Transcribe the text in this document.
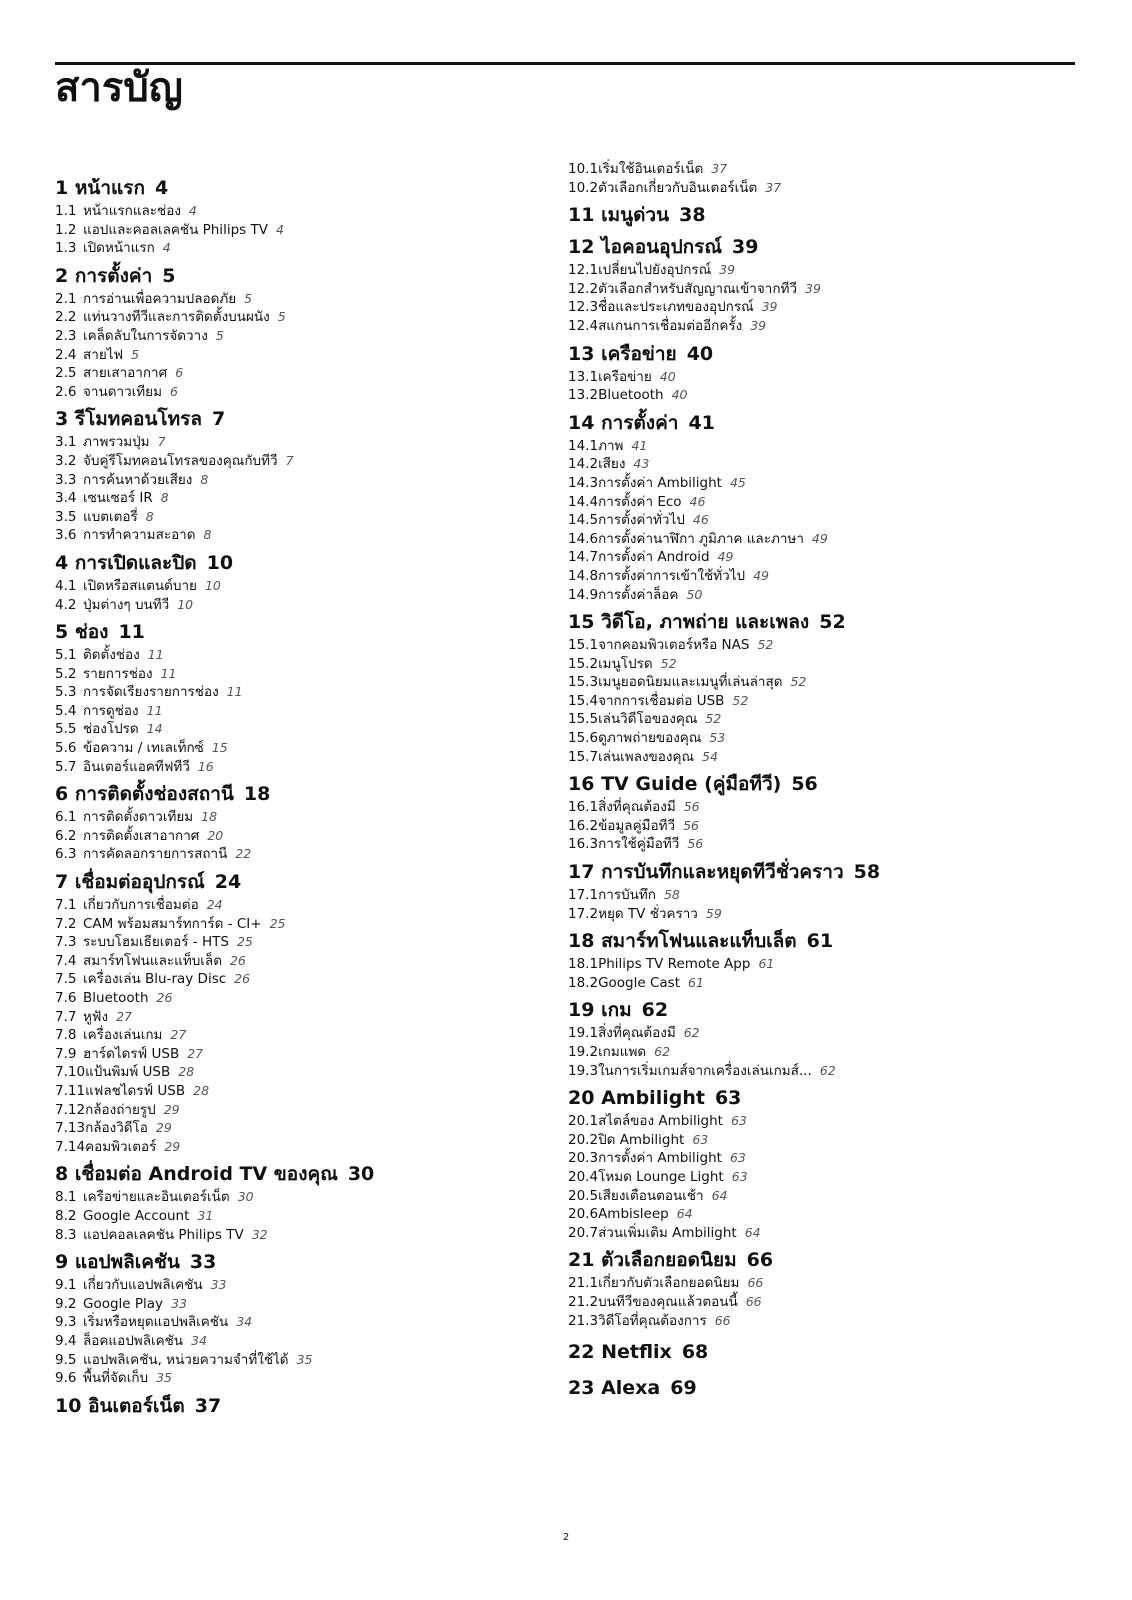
สารบัญ
1 หน้าแรก 4
1.1 หน้าแรกและช่อง 4
1.2 แอปและคอลเลคชัน Philips TV 4
1.3 เปิดหน้าแรก 4
2 การตั้งค่า 5
2.1 การอ่านเพื่อความปลอดภัย 5
2.2 แท่นวางทีวีและการติดตั้งบนผนัง 5
2.3 เคล็ดลับในการจัดวาง 5
2.4 สายไฟ 5
2.5 สายเสาอากาศ 6
2.6 จานดาวเทียม 6
3 รีโมทคอนโทรล 7
3.1 ภาพรวมปุ่ม 7
3.2 จับคู่รีโมทคอนโทรลของคุณกับทีวี 7
3.3 การค้นหาด้วยเสียง 8
3.4 เซนเซอร์ IR 8
3.5 แบตเตอรี่ 8
3.6 การทำความสะอาด 8
4 การเปิดและปิด 10
4.1 เปิดหรือสแตนด์บาย 10
4.2 ปุ่มต่างๆ บนทีวี 10
5 ช่อง 11
5.1 ติดตั้งช่อง 11
5.2 รายการช่อง 11
5.3 การจัดเรียงรายการช่อง 11
5.4 การดูช่อง 11
5.5 ช่องโปรด 14
5.6 ข้อความ / เทเลเท็กซ์ 15
5.7 อินเตอร์แอคทีฟทีวี 16
6 การติดตั้งช่องสถานี 18
6.1 การติดตั้งดาวเทียม 18
6.2 การติดตั้งเสาอากาศ 20
6.3 การคัดลอกรายการสถานี 22
7 เชื่อมต่ออุปกรณ์ 24
7.1 เกี่ยวกับการเชื่อมต่อ 24
7.2 CAM พร้อมสมาร์ทการ์ด - CI+ 25
7.3 ระบบโฮมเธียเตอร์ - HTS 25
7.4 สมาร์ทโฟนและแท็บเล็ต 26
7.5 เครื่องเล่น Blu-ray Disc 26
7.6 Bluetooth 26
7.7 หูฟัง 27
7.8 เครื่องเล่นเกม 27
7.9 ฮาร์ดไดรฟ์ USB 27
7.10แป้นพิมพ์ USB 28
7.11แฟลชไดรฟ์ USB 28
7.12กล้องถ่ายรูป 29
7.13กล้องวิดีโอ 29
7.14คอมพิวเตอร์ 29
8 เชื่อมต่อ Android TV ของคุณ 30
8.1 เครือข่ายและอินเตอร์เน็ต 30
8.2 Google Account 31
8.3 แอปคอลเลคชัน Philips TV 32
9 แอปพลิเคชัน 33
9.1 เกี่ยวกับแอปพลิเคชัน 33
9.2 Google Play 33
9.3 เริ่มหรือหยุดแอปพลิเคชัน 34
9.4 ล็อคแอปพลิเคชัน 34
9.5 แอปพลิเคชัน, หน่วยความจำที่ใช้ได้ 35
9.6 พื้นที่จัดเก็บ 35
10 อินเตอร์เน็ต 37
10.1เริ่มใช้อินเตอร์เน็ต 37
10.2ตัวเลือกเกี่ยวกับอินเตอร์เน็ต 37
11 เมนูด่วน 38
12 ไอคอนอุปกรณ์ 39
12.1เปลี่ยนไปยังอุปกรณ์ 39
12.2ตัวเลือกสำหรับสัญญาณเข้าจากทีวี 39
12.3ชื่อและประเภทของอุปกรณ์ 39
12.4สแกนการเชื่อมต่ออีกครั้ง 39
13 เครือข่าย 40
13.1เครือข่าย 40
13.2Bluetooth 40
14 การตั้งค่า 41
14.1ภาพ 41
14.2เสียง 43
14.3การตั้งค่า Ambilight 45
14.4การตั้งค่า Eco 46
14.5การตั้งค่าทั่วไป 46
14.6การตั้งค่านาฬิกา ภูมิภาค และภาษา 49
14.7การตั้งค่า Android 49
14.8การตั้งค่าการเข้าใช้ทั่วไป 49
14.9การตั้งค่าล็อค 50
15 วิดีโอ, ภาพถ่าย และเพลง 52
15.1จากคอมพิวเตอร์หรือ NAS 52
15.2เมนูโปรด 52
15.3เมนูยอดนิยมและเมนูที่เล่นล่าสุด 52
15.4จากการเชื่อมต่อ USB 52
15.5เล่นวิดีโอของคุณ 52
15.6ดูภาพถ่ายของคุณ 53
15.7เล่นเพลงของคุณ 54
16 TV Guide (คู่มือทีวี) 56
16.1สิ่งที่คุณต้องมี 56
16.2ข้อมูลคู่มือทีวี 56
16.3การใช้คู่มือทีวี 56
17 การบันทึกและหยุดทีวีชั่วคราว 58
17.1การบันทึก 58
17.2หยุด TV ชั่วคราว 59
18 สมาร์ทโฟนและแท็บเล็ต 61
18.1Philips TV Remote App 61
18.2Google Cast 61
19 เกม 62
19.1สิ่งที่คุณต้องมี 62
19.2เกมแพด 62
19.3ในการเริ่มเกมส์จากเครื่องเล่นเกมส์... 62
20 Ambilight 63
20.1สไตล์ของ Ambilight 63
20.2ปิด Ambilight 63
20.3การตั้งค่า Ambilight 63
20.4โหมด Lounge Light 63
20.5เสียงเตือนตอนเช้า 64
20.6Ambisleep 64
20.7ส่วนเพิ่มเติม Ambilight 64
21 ตัวเลือกยอดนิยม 66
21.1เกี่ยวกับตัวเลือกยอดนิยม 66
21.2บนทีวีของคุณแล้วตอนนี้ 66
21.3วิดีโอที่คุณต้องการ 66
22 Netflix 68
23 Alexa 69
2
